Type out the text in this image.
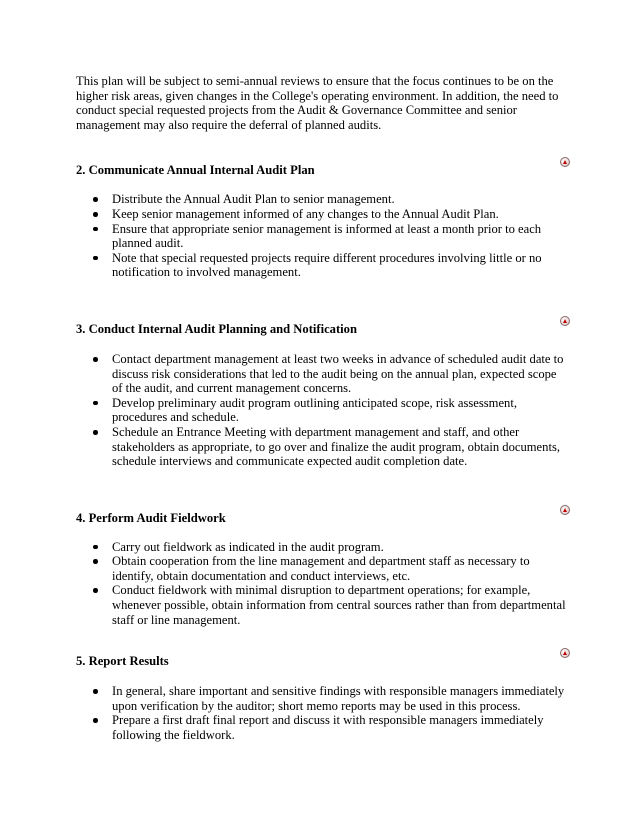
This plan will be subject to semi-annual reviews to ensure that the focus continues to be on the higher risk areas, given changes in the College's operating environment. In addition, the need to conduct special requested projects from the Audit & Governance Committee and senior management may also require the deferral of planned audits.

2. Communicate Annual Internal Audit Plan
Distribute the Annual Audit Plan to senior management.
Keep senior management informed of any changes to the Annual Audit Plan.
Ensure that appropriate senior management is informed at least a month prior to each planned audit.
Note that special requested projects require different procedures involving little or no notification to involved management.
3. Conduct Internal Audit Planning and Notification
Contact department management at least two weeks in advance of scheduled audit date to discuss risk considerations that led to the audit being on the annual plan, expected scope of the audit, and current management concerns.
Develop preliminary audit program outlining anticipated scope, risk assessment, procedures and schedule.
Schedule an Entrance Meeting with department management and staff, and other stakeholders as appropriate, to go over and finalize the audit program, obtain documents, schedule interviews and communicate expected audit completion date.
4. Perform Audit Fieldwork
Carry out fieldwork as indicated in the audit program.
Obtain cooperation from the line management and department staff as necessary to identify, obtain documentation and conduct interviews, etc.
Conduct fieldwork with minimal disruption to department operations; for example, whenever possible, obtain information from central sources rather than from departmental staff or line management.
5. Report Results
In general, share important and sensitive findings with responsible managers immediately upon verification by the auditor; short memo reports may be used in this process.
Prepare a first draft final report and discuss it with responsible managers immediately following the fieldwork.
